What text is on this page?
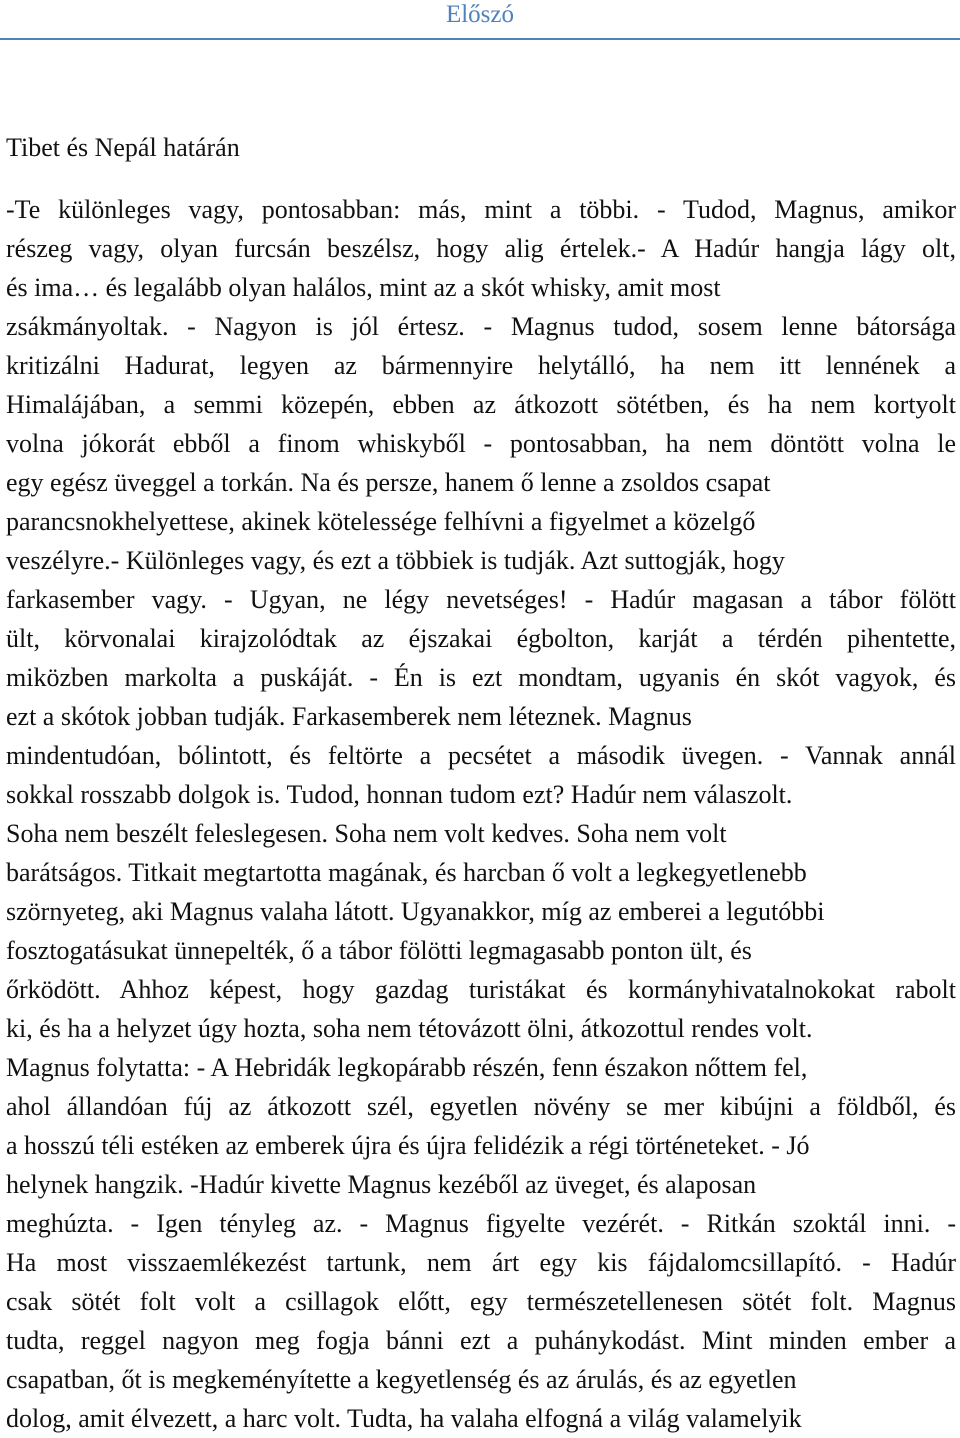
Előszó
Tibet és Nepál határán
-Te különleges vagy, pontosabban: más, mint a többi. - Tudod, Magnus, amikor
részeg vagy, olyan furcsán beszélsz, hogy alig értelek.- A Hadúr hangja lágy olt,
és ima… és legalább olyan halálos, mint az a skót whisky, amit most
zsákmányoltak. - Nagyon is jól értesz. - Magnus tudod, sosem lenne bátorsága
kritizálni Hadurat, legyen az bármennyire helytálló, ha nem itt lennének a
Himalájában, a semmi közepén, ebben az átkozott sötétben, és ha nem kortyolt
volna jókorát ebből a finom whiskyből - pontosabban, ha nem döntött volna le
egy egész üveggel a torkán. Na és persze, hanem ő lenne a zsoldos csapat
parancsnokhelyettese, akinek kötelessége felhívni a figyelmet a közelgő
veszélyre.- Különleges vagy, és ezt a többiek is tudják. Azt suttogják, hogy
farkasember vagy. - Ugyan, ne légy nevetséges! - Hadúr magasan a tábor fölött
ült, körvonalai kirajzolódtak az éjszakai égbolton, karját a térdén pihentette,
miközben markolta a puskáját. - Én is ezt mondtam, ugyanis én skót vagyok, és
ezt a skótok jobban tudják. Farkasemberek nem léteznek. Magnus
mindentudóan, bólintott, és feltörte a pecsétet a második üvegen. - Vannak annál
sokkal rosszabb dolgok is. Tudod, honnan tudom ezt? Hadúr nem válaszolt.
Soha nem beszélt feleslegesen. Soha nem volt kedves. Soha nem volt
barátságos. Titkait megtartotta magának, és harcban ő volt a legkegyetlenebb
szörnyeteg, aki Magnus valaha látott. Ugyanakkor, míg az emberei a legutóbbi
fosztogatásukat ünnepelték, ő a tábor fölötti legmagasabb ponton ült, és
őrködött. Ahhoz képest, hogy gazdag turistákat és kormányhivatalnokokat rabolt
ki, és ha a helyzet úgy hozta, soha nem tétovázott ölni, átkozottul rendes volt.
Magnus folytatta: - A Hebridák legkopárabb részén, fenn északon nőttem fel,
ahol állandóan fúj az átkozott szél, egyetlen növény se mer kibújni a földből, és
a hosszú téli estéken az emberek újra és újra felidézik a régi történeteket. - Jó
helynek hangzik. -Hadúr kivette Magnus kezéből az üveget, és alaposan
meghúzta. - Igen tényleg az. - Magnus figyelte vezérét. - Ritkán szoktál inni. -
Ha most visszaemlékezést tartunk, nem árt egy kis fájdalomcsillapító. - Hadúr
csak sötét folt volt a csillagok előtt, egy természetellenesen sötét folt. Magnus
tudta, reggel nagyon meg fogja bánni ezt a puhánykodást. Mint minden ember a
csapatban, őt is megkeményítette a kegyetlenség és az árulás, és az egyetlen
dolog, amit élvezett, a harc volt. Tudta, ha valaha elfogná a világ valamelyik
